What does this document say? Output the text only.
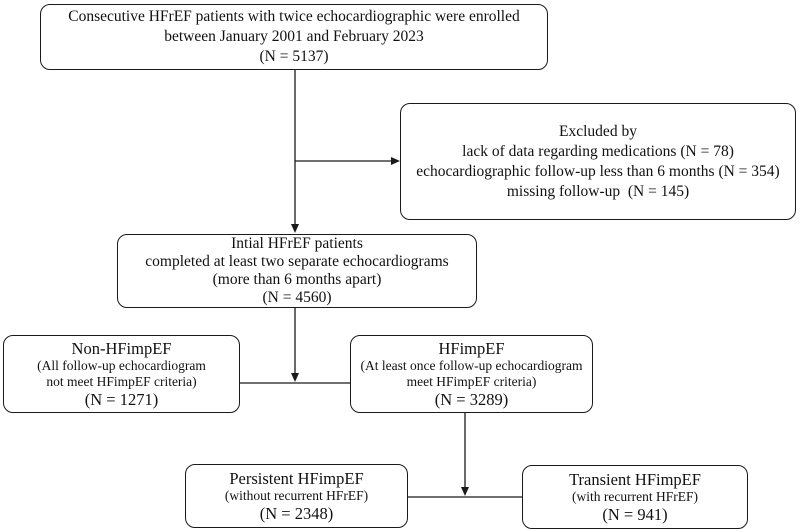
Consecutive HFrEF patients with twice echocardiographic were enrolled
between January 2001 and February 2023
(N = 5137)
Excluded by
lack of data regarding medications (N = 78)
echocardiographic follow-up less than 6 months (N = 354)
missing follow-up  (N = 145)
Intial HFrEF patients
completed at least two separate echocardiograms
(more than 6 months apart)
(N = 4560)
Non-HFimpEF
(All follow-up echocardiogram
not meet HFimpEF criteria)
(N = 1271)
HFimpEF
(At least once follow-up echocardiogram
meet HFimpEF criteria)
(N = 3289)
Persistent HFimpEF
(without recurrent HFrEF)
(N = 2348)
Transient HFimpEF
(with recurrent HFrEF)
(N = 941)
